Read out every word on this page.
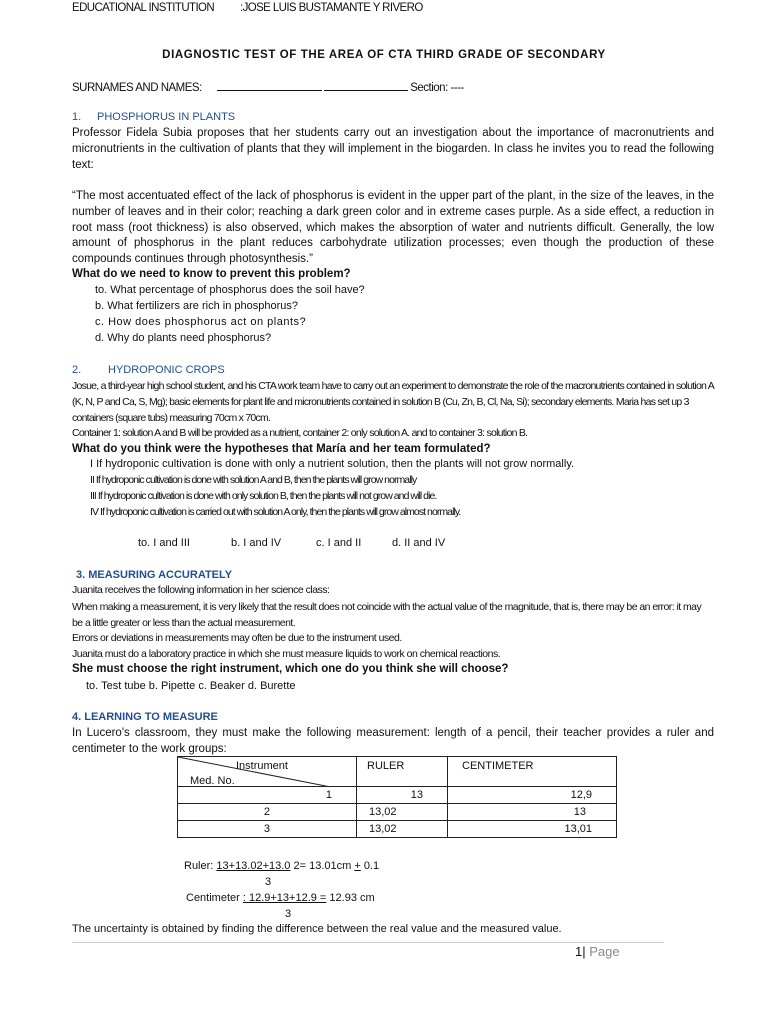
EDUCATIONAL INSTITUTION :JOSE LUIS BUSTAMANTE Y RIVERO
DIAGNOSTIC TEST OF THE AREA OF CTA THIRD GRADE OF SECONDARY
SURNAMES AND NAMES:	Section: ----
1. PHOSPHORUS IN PLANTS
Professor Fidela Subia proposes that her students carry out an investigation about the importance of macronutrients and micronutrients in the cultivation of plants that they will implement in the biogarden. In class he invites you to read the following text:
“The most accentuated effect of the lack of phosphorus is evident in the upper part of the plant, in the size of the leaves, in the number of leaves and in their color; reaching a dark green color and in extreme cases purple. As a side effect, a reduction in root mass (root thickness) is also observed, which makes the absorption of water and nutrients difficult. Generally, the low amount of phosphorus in the plant reduces carbohydrate utilization processes; even though the production of these compounds continues through photosynthesis.”
What do we need to know to prevent this problem?
to. What percentage of phosphorus does the soil have?
b. What fertilizers are rich in phosphorus?
c. How does phosphorus act on plants?
d. Why do plants need phosphorus?
2. HYDROPONIC CROPS
Josue, a third-year high school student, and his CTA work team have to carry out an experiment to demonstrate the role of the macronutrients contained in solution A (K, N, P and Ca, S, Mg); basic elements for plant life and micronutrients contained in solution B (Cu, Zn, B, Cl, Na, Si); secondary elements. Maria has set up 3 containers (square tubs) measuring 70cm x 70cm.
Container 1: solution A and B will be provided as a nutrient, container 2: only solution A. and to container 3: solution B.
What do you think were the hypotheses that María and her team formulated?
I If hydroponic cultivation is done with only a nutrient solution, then the plants will not grow normally.
II If hydroponic cultivation is done with solution A and B, then the plants will grow normally
III If hydroponic cultivation is done with only solution B, then the plants will not grow and will die.
IV If hydroponic cultivation is carried out with solution A only, then the plants will grow almost normally.
to. I and III	b. I and IV	c. I and II	d. II and IV
3. MEASURING ACCURATELY
Juanita receives the following information in her science class:
When making a measurement, it is very likely that the result does not coincide with the actual value of the magnitude, that is, there may be an error: it may be a little greater or less than the actual measurement.
Errors or deviations in measurements may often be due to the instrument used.
Juanita must do a laboratory practice in which she must measure liquids to work on chemical reactions.
She must choose the right instrument, which one do you think she will choose?
to. Test tube b. Pipette c. Beaker d. Burette
4. LEARNING TO MEASURE
In Lucero's classroom, they must make the following measurement: length of a pencil, their teacher provides a ruler and centimeter to the work groups:
Instrument
Med. No.	RULER	CENTIMETER

1	13	12,9

2	13,02	13

3	13,02	13,01
Ruler: 13+13.02+13.0 2= 13.01cm + 0.1
3
Centimeter : 12.9+13+12.9 = 12.93 cm
3
The uncertainty is obtained by finding the difference between the real value and the measured value.
1| Page
